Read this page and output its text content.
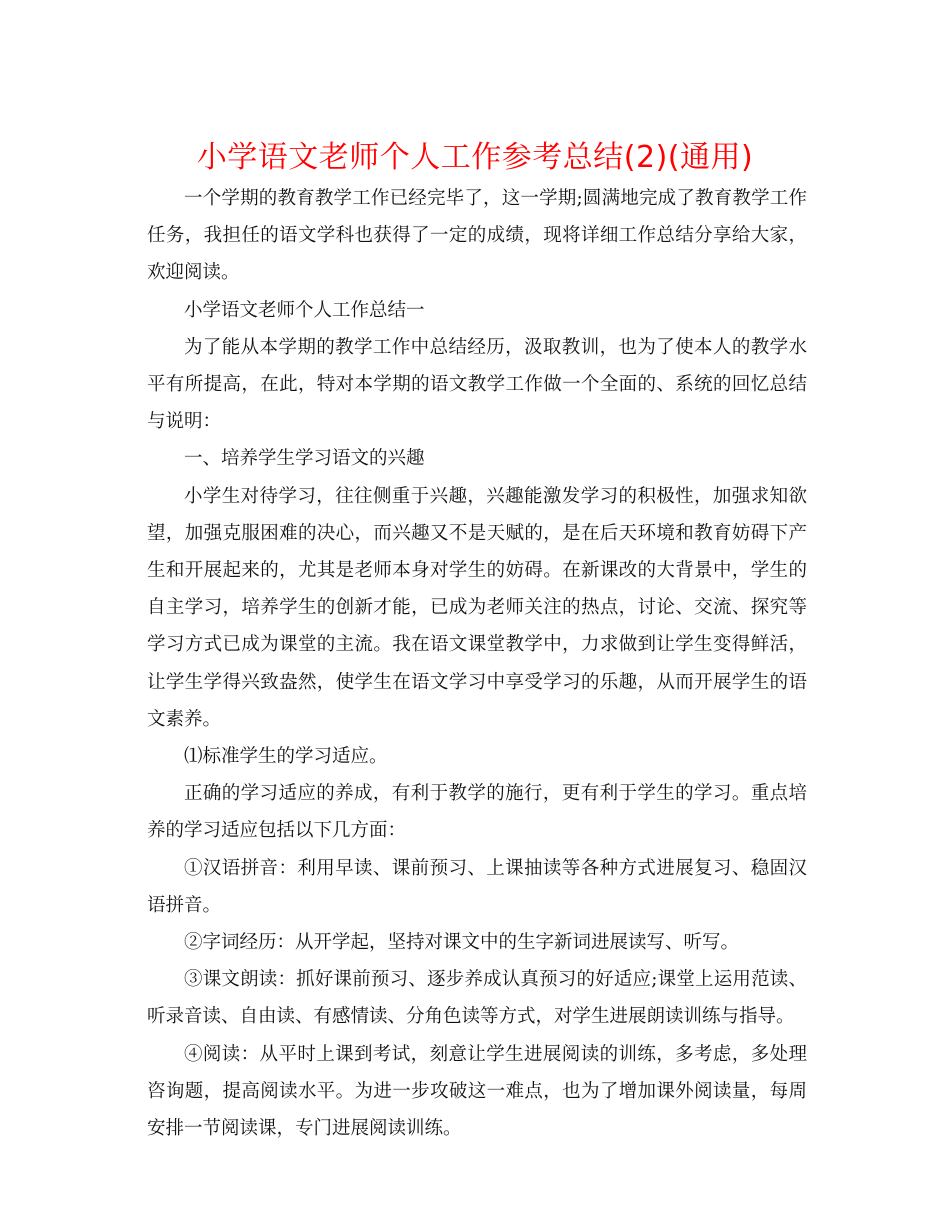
小学语文老师个人工作参考总结(2)(通用)

一个学期的教育教学工作已经完毕了，这一学期;圆满地完成了教育教学工作任务，我担任的语文学科也获得了一定的成绩，现将详细工作总结分享给大家，欢迎阅读。

小学语文老师个人工作总结一

为了能从本学期的教学工作中总结经历，汲取教训，也为了使本人的教学水平有所提高，在此，特对本学期的语文教学工作做一个全面的、系统的回忆总结与说明：

一、培养学生学习语文的兴趣

小学生对待学习，往往侧重于兴趣，兴趣能激发学习的积极性，加强求知欲望，加强克服困难的决心，而兴趣又不是天赋的，是在后天环境和教育妨碍下产生和开展起来的，尤其是老师本身对学生的妨碍。在新课改的大背景中，学生的自主学习，培养学生的创新才能，已成为老师关注的热点，讨论、交流、探究等学习方式已成为课堂的主流。我在语文课堂教学中，力求做到让学生变得鲜活，让学生学得兴致盎然，使学生在语文学习中享受学习的乐趣，从而开展学生的语文素养。

⑴标准学生的学习适应。

正确的学习适应的养成，有利于教学的施行，更有利于学生的学习。重点培养的学习适应包括以下几方面：

①汉语拼音：利用早读、课前预习、上课抽读等各种方式进展复习、稳固汉语拼音。

②字词经历：从开学起，坚持对课文中的生字新词进展读写、听写。

③课文朗读：抓好课前预习、逐步养成认真预习的好适应;课堂上运用范读、听录音读、自由读、有感情读、分角色读等方式，对学生进展朗读训练与指导。

④阅读：从平时上课到考试，刻意让学生进展阅读的训练，多考虑，多处理咨询题，提高阅读水平。为进一步攻破这一难点，也为了增加课外阅读量，每周安排一节阅读课，专门进展阅读训练。
